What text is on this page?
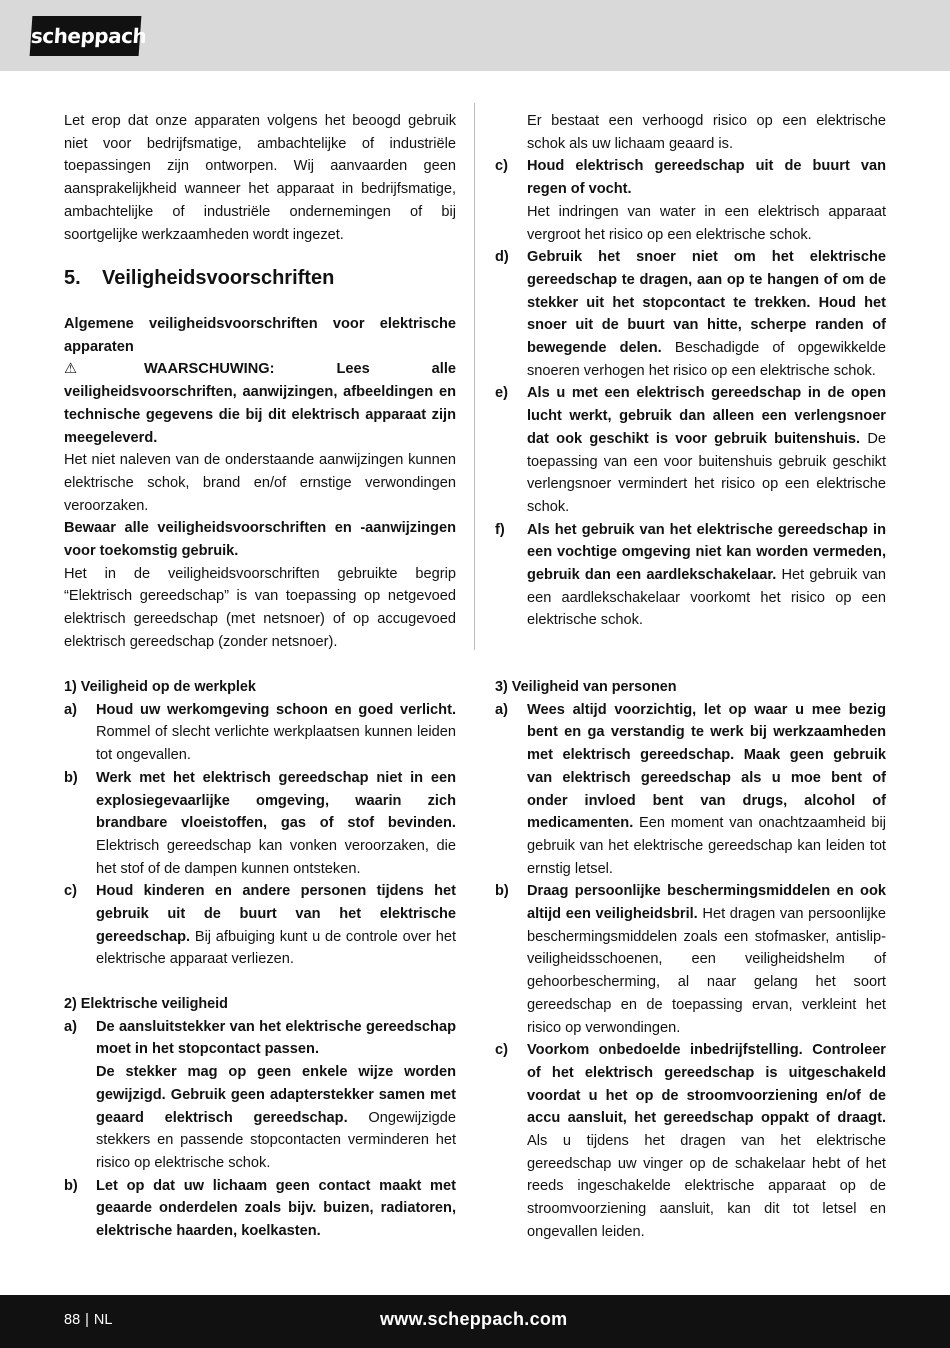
scheppach

Let erop dat onze apparaten volgens het beoogd gebruik niet voor bedrijfsmatige, ambachtelijke of industriële toepassingen zijn ontworpen. Wij aanvaarden geen aansprakelijkheid wanneer het apparaat in bedrijfsmatige, ambachtelijke of industriële ondernemingen of bij soortgelijke werkzaamheden wordt ingezet.

5. Veiligheidsvoorschriften

Algemene veiligheidsvoorschriften voor elektrische apparaten

⚠	WAARSCHUWING: Lees alle veiligheidsvoorschriften, aanwijzingen, afbeeldingen en technische gegevens die bij dit elektrisch apparaat zijn meegeleverd.

Het niet naleven van de onderstaande aanwijzingen kunnen elektrische schok, brand en/of ernstige verwondingen veroorzaken.

Bewaar alle veiligheidsvoorschriften en -aanwijzingen voor toekomstig gebruik.

Het in de veiligheidsvoorschriften gebruikte begrip “Elektrisch gereedschap” is van toepassing op netgevoed elektrisch gereedschap (met netsnoer) of op accugevoed elektrisch gereedschap (zonder netsnoer).

1) Veiligheid op de werkplek

a) Houd uw werkomgeving schoon en goed verlicht. Rommel of slecht verlichte werkplaatsen kunnen leiden tot ongevallen.

b) Werk met het elektrisch gereedschap niet in een explosiegevaarlijke omgeving, waarin zich brandbare vloeistoffen, gas of stof bevinden. Elektrisch gereedschap kan vonken veroorzaken, die het stof of de dampen kunnen ontsteken.

c) Houd kinderen en andere personen tijdens het gebruik uit de buurt van het elektrische gereedschap. Bij afbuiging kunt u de controle over het elektrische apparaat verliezen.

2) Elektrische veiligheid

a) De aansluitstekker van het elektrische gereedschap moet in het stopcontact passen.

De stekker mag op geen enkele wijze worden gewijzigd. Gebruik geen adapterstekker samen met geaard elektrisch gereedschap. Ongewijzigde stekkers en passende stopcontacten verminderen het risico op elektrische schok.

b) Let op dat uw lichaam geen contact maakt met geaarde onderdelen zoals bijv. buizen, radiatoren, elektrische haarden, koelkasten.

Er bestaat een verhoogd risico op een elektrische schok als uw lichaam geaard is.

c) Houd elektrisch gereedschap uit de buurt van regen of vocht.

Het indringen van water in een elektrisch apparaat vergroot het risico op een elektrische schok.

d) Gebruik het snoer niet om het elektrische gereedschap te dragen, aan op te hangen of om de stekker uit het stopcontact te trekken. Houd het snoer uit de buurt van hitte, scherpe randen of bewegende delen. Beschadigde of opgewikkelde snoeren verhogen het risico op een elektrische schok.

e) Als u met een elektrisch gereedschap in de open lucht werkt, gebruik dan alleen een verlengsnoer dat ook geschikt is voor gebruik buitenshuis. De toepassing van een voor buitenshuis gebruik geschikt verlengsnoer vermindert het risico op een elektrische schok.

f) Als het gebruik van het elektrische gereedschap in een vochtige omgeving niet kan worden vermeden, gebruik dan een aardlekschakelaar. Het gebruik van een aardlekschakelaar voorkomt het risico op een elektrische schok.

3) Veiligheid van personen

a) Wees altijd voorzichtig, let op waar u mee bezig bent en ga verstandig te werk bij werkzaamheden met elektrisch gereedschap. Maak geen gebruik van elektrisch gereedschap als u moe bent of onder invloed bent van drugs, alcohol of medicamenten. Een moment van onachtzaamheid bij gebruik van het elektrische gereedschap kan leiden tot ernstig letsel.

b) Draag persoonlijke beschermingsmiddelen en ook altijd een veiligheidsbril. Het dragen van persoonlijke beschermingsmiddelen zoals een stofmasker, antislip-veiligheidsschoenen, een veiligheidshelm of gehoorbescherming, al naar gelang het soort gereedschap en de toepassing ervan, verkleint het risico op verwondingen.

c) Voorkom onbedoelde inbedrijfstelling. Controleer of het elektrisch gereedschap is uitgeschakeld voordat u het op de stroomvoorziening en/of de accu aansluit, het gereedschap oppakt of draagt. Als u tijdens het dragen van het elektrische gereedschap uw vinger op de schakelaar hebt of het reeds ingeschakelde elektrische apparaat op de stroomvoorziening aansluit, kan dit tot letsel en ongevallen leiden.

88 | NL	www.scheppach.com
